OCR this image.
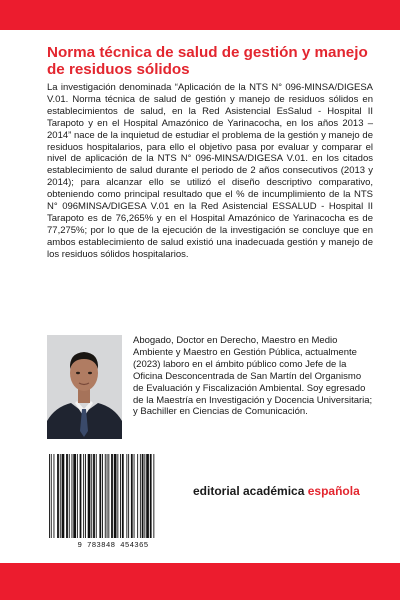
Norma técnica de salud de gestión y manejo de residuos sólidos
La investigación denominada “Aplicación de la NTS N° 096-MINSA/DIGESA V.01. Norma técnica de salud de gestión y manejo de residuos sólidos en establecimientos de salud, en la Red Asistencial EsSalud - Hospital II Tarapoto y en el Hospital Amazónico de Yarinacocha, en los años 2013 – 2014” nace de la inquietud de estudiar el problema de la gestión y manejo de residuos hospitalarios, para ello el objetivo pasa por evaluar y comparar el nivel de aplicación de la NTS N° 096-MINSA/DIGESA V.01. en los citados establecimiento de salud durante el periodo de 2 años consecutivos (2013 y 2014); para alcanzar ello se utilizó el diseño descriptivo comparativo, obteniendo como principal resultado que el % de incumplimiento de la NTS N° 096MINSA/DIGESA V.01 en la Red Asistencial ESSALUD - Hospital II Tarapoto es de 76,265% y en el Hospital Amazónico de Yarinacocha es de 77,275%; por lo que de la ejecución de la investigación se concluye que en ambos establecimiento de salud existió una inadecuada gestión y manejo de los residuos sólidos hospitalarios.
Abogado, Doctor en Derecho, Maestro en Medio Ambiente y Maestro en Gestión Pública, actualmente (2023) laboro en el ámbito público como Jefe de la Oficina Desconcentrada de San Martín del Organismo de Evaluación y Fiscalización Ambiental. Soy egresado de la Maestría en Investigación y Docencia Universitaria; y Bachiller en Ciencias de Comunicación.
9 783848 454365
editorial académica española
